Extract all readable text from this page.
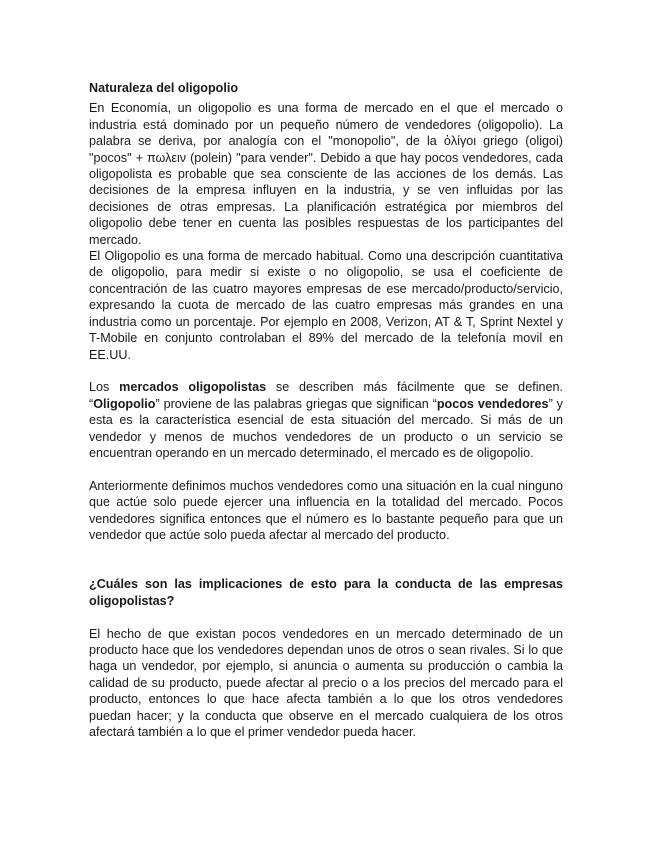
Naturaleza del oligopolio

En Economía, un oligopolio es una forma de mercado en el que el mercado o industria está dominado por un pequeño número de vendedores (oligopolio). La palabra se deriva, por analogía con el "monopolio", de la ὀλίγοι griego (oligoi) "pocos" + πωλειν (polein) "para vender". Debido a que hay pocos vendedores, cada oligopolista es probable que sea consciente de las acciones de los demás. Las decisiones de la empresa influyen en la industria, y se ven influidas por las decisiones de otras empresas. La planificación estratégica por miembros del oligopolio debe tener en cuenta las posibles respuestas de los participantes del mercado.

El Oligopolio es una forma de mercado habitual. Como una descripción cuantitativa de oligopolio, para medir si existe o no oligopolio, se usa el coeficiente de concentración de las cuatro mayores empresas de ese mercado/producto/servicio, expresando la cuota de mercado de las cuatro empresas más grandes en una industria como un porcentaje. Por ejemplo en 2008, Verizon, AT & T, Sprint Nextel y T-Mobile en conjunto controlaban el 89% del mercado de la telefonía movil en EE.UU.

Los mercados oligopolistas se describen más fácilmente que se definen. “Oligopolio” proviene de las palabras griegas que significan “pocos vendedores” y esta es la característica esencial de esta situación del mercado. Si más de un vendedor y menos de muchos vendedores de un producto o un servicio se encuentran operando en un mercado determinado, el mercado es de oligopolio.

Anteriormente definimos muchos vendedores como una situación en la cual ninguno que actúe solo puede ejercer una influencia en la totalidad del mercado. Pocos vendedores significa entonces que el número es lo bastante pequeño para que un vendedor que actúe solo pueda afectar al mercado del producto.

¿Cuáles son las implicaciones de esto para la conducta de las empresas oligopolistas?

El hecho de que existan pocos vendedores en un mercado determinado de un producto hace que los vendedores dependan unos de otros o sean rivales. Si lo que haga un vendedor, por ejemplo, si anuncia o aumenta su producción o cambia la calidad de su producto, puede afectar al precio o a los precios del mercado para el producto, entonces lo que hace afecta también a lo que los otros vendedores puedan hacer; y la conducta que observe en el mercado cualquiera de los otros afectará también a lo que el primer vendedor pueda hacer.
